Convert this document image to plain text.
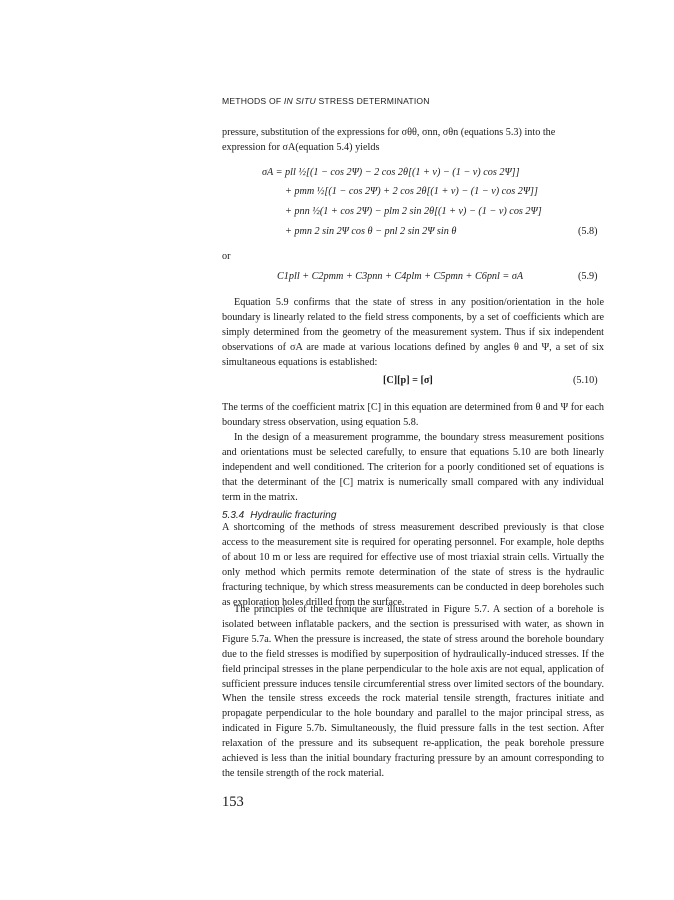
METHODS OF IN SITU STRESS DETERMINATION

pressure, substitution of the expressions for σθθ, σnn, σθn (equations 5.3) into the

expression for σA(equation 5.4) yields

σA = pll ½[(1 − cos 2Ψ) − 2 cos 2θ[(1 + ν) − (1 − ν) cos 2Ψ]]
+ pmm ½[(1 − cos 2Ψ) + 2 cos 2θ[(1 + ν) − (1 − ν) cos 2Ψ]]
+ pnn ½(1 + cos 2Ψ) − plm 2 sin 2θ[(1 + ν) − (1 − ν) cos 2Ψ]
+ pmn 2 sin 2Ψ cos θ − pnl 2 sin 2Ψ sin θ	(5.8)
or
C1pll + C2pmm + C3pnn + C4plm + C5pmn + C6pnl = σA	(5.9)

Equation 5.9 confirms that the state of stress in any position/orientation in the hole boundary is linearly related to the field stress components, by a set of coefficients which are simply determined from the geometry of the measurement system. Thus if six independent observations of σA are made at various locations defined by angles θ and Ψ, a set of six simultaneous equations is established:

[C][p] = [σ]	(5.10)

The terms of the coefficient matrix [C] in this equation are determined from θ and Ψ for each boundary stress observation, using equation 5.8.

In the design of a measurement programme, the boundary stress measurement positions and orientations must be selected carefully, to ensure that equations 5.10 are both linearly independent and well conditioned. The criterion for a poorly conditioned set of equations is that the determinant of the [C] matrix is numerically small compared with any individual term in the matrix.

5.3.4 Hydraulic fracturing

A shortcoming of the methods of stress measurement described previously is that close access to the measurement site is required for operating personnel. For example, hole depths of about 10 m or less are required for effective use of most triaxial strain cells. Virtually the only method which permits remote determination of the state of stress is the hydraulic fracturing technique, by which stress measurements can be conducted in deep boreholes such as exploration holes drilled from the surface.

The principles of the technique are illustrated in Figure 5.7. A section of a borehole is isolated between inflatable packers, and the section is pressurised with water, as shown in Figure 5.7a. When the pressure is increased, the state of stress around the borehole boundary due to the field stresses is modified by superposition of hydraulically-induced stresses. If the field principal stresses in the plane perpendicular to the hole axis are not equal, application of sufficient pressure induces tensile circumferential stress over limited sectors of the boundary. When the tensile stress exceeds the rock material tensile strength, fractures initiate and propagate perpendicular to the hole boundary and parallel to the major principal stress, as indicated in Figure 5.7b. Simultaneously, the fluid pressure falls in the test section. After relaxation of the pressure and its subsequent re-application, the peak borehole pressure achieved is less than the initial boundary fracturing pressure by an amount corresponding to the tensile strength of the rock material.

153
